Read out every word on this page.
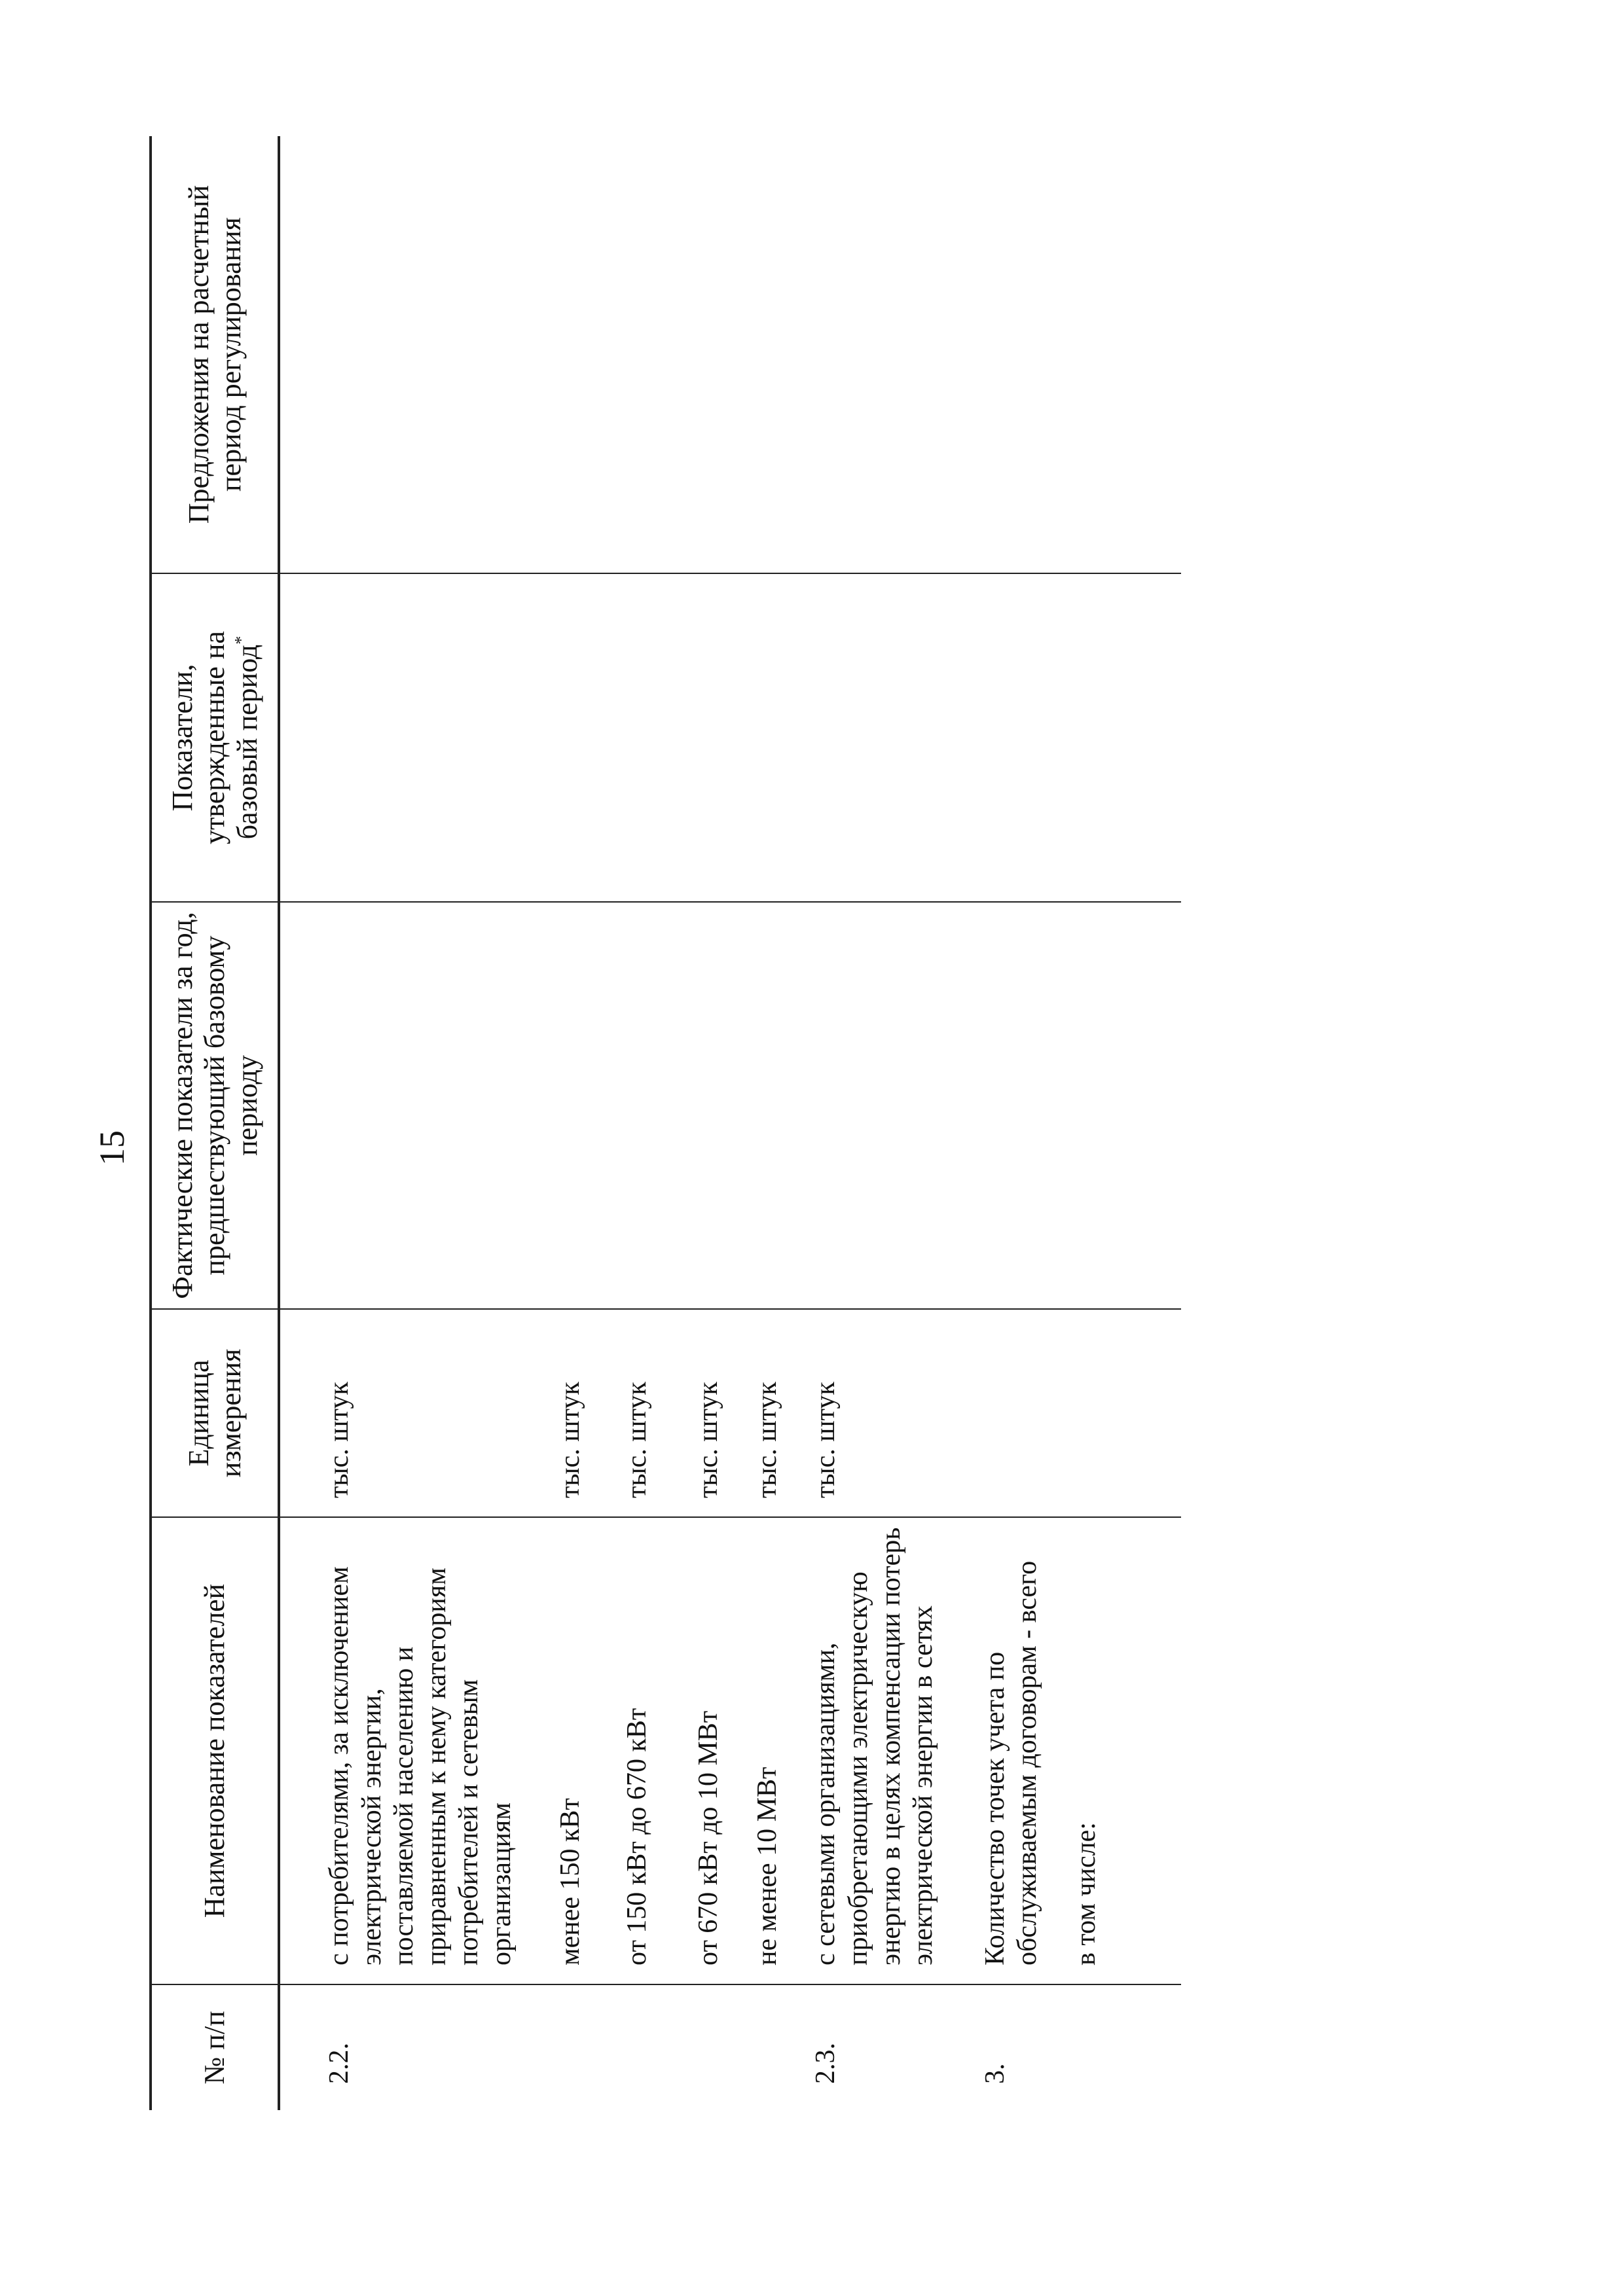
15
№ п/п	Наименование показателей	Единица измерения	Фактические показатели за год, предшествующий базовому периоду	Показатели, утвержденные на базовый период*	Предложения на расчетный период регулирования
2.2.	с потребителями, за исключением электрической энергии, поставляемой населению и приравненным к нему категориям потребителей и сетевым организациям	тыс. штук			
	менее 150 кВт	тыс. штук			
	от 150 кВт до 670 кВт	тыс. штук			
	от 670 кВт до 10 МВт	тыс. штук			
	не менее 10 МВт	тыс. штук			
2.3.	с сетевыми организациями, приобретающими электрическую энергию в целях компенсации потерь электрической энергии в сетях	тыс. штук			
3.	Количество точек учета по обслуживаемым договорам - всего				
	в том числе:				
